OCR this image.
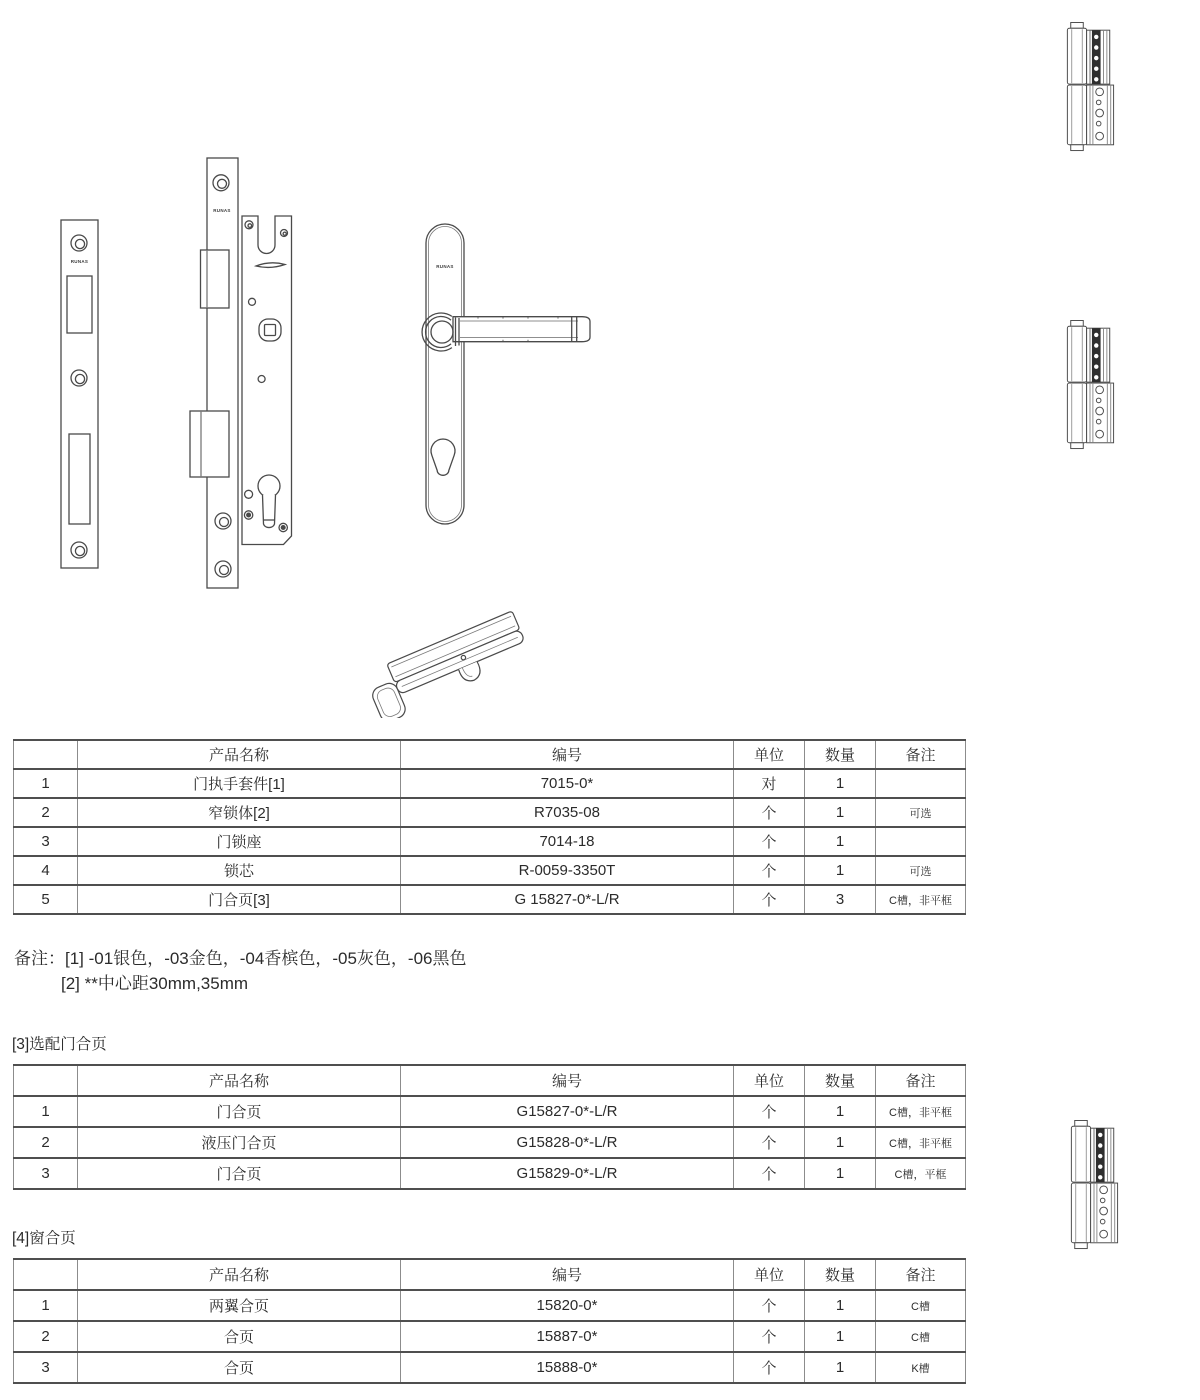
RUNAS
RUNAS
RUNAS
	产品名称	编号	单位	数量	备注
1	门执手套件[1]	7015-0*	对	1	
2	窄锁体[2]	R7035-08	个	1	可选
3	门锁座	7014-18	个	1	
4	锁芯	R-0059-3350T	个	1	可选
5	门合页[3]	G 15827-0*-L/R	个	3	C槽，非平框
备注： [1] -01银色，-03金色，-04香槟色，-05灰色，-06黑色
[2] **中心距30mm,35mm
[3]选配门合页
	产品名称	编号	单位	数量	备注
1	门合页	G15827-0*-L/R	个	1	C槽，非平框
2	液压门合页	G15828-0*-L/R	个	1	C槽，非平框
3	门合页	G15829-0*-L/R	个	1	C槽，平框
[4]窗合页
	产品名称	编号	单位	数量	备注
1	两翼合页	15820-0*	个	1	C槽
2	合页	15887-0*	个	1	C槽
3	合页	15888-0*	个	1	K槽
